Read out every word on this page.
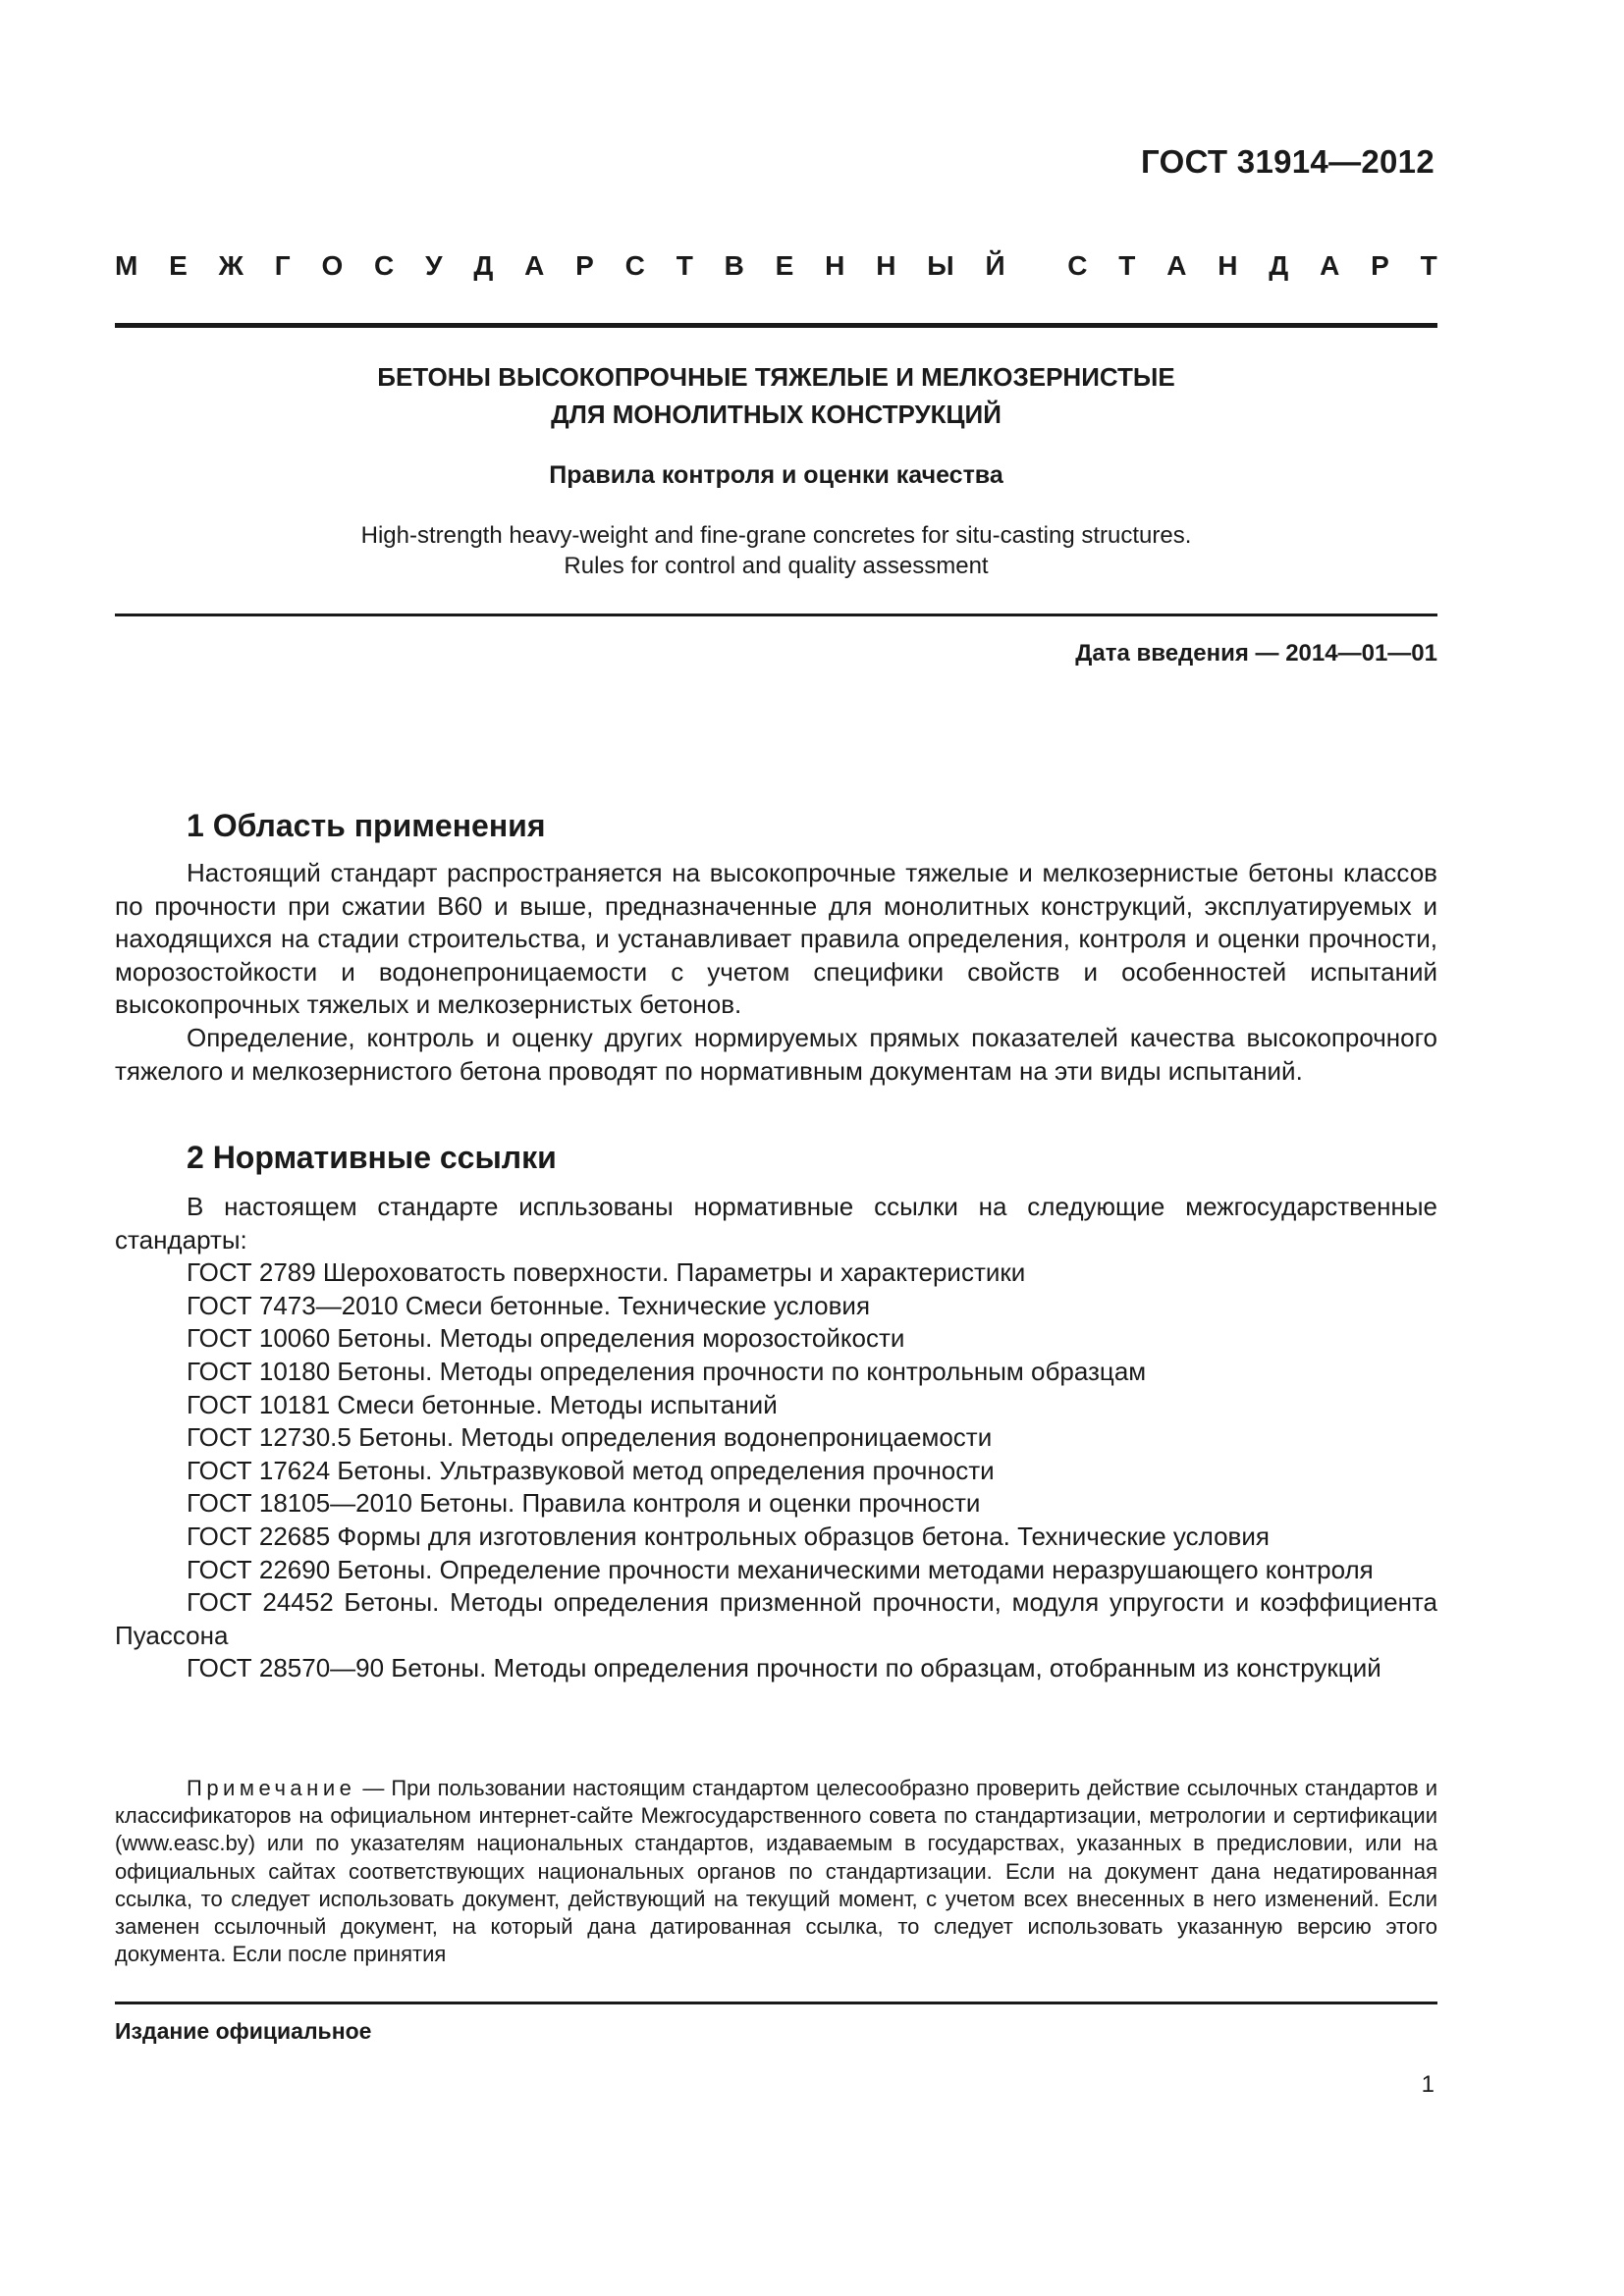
ГОСТ 31914—2012
М Е Ж Г О С У Д А Р С Т В Е Н Н Ы Й С Т А Н Д А Р Т
БЕТОНЫ ВЫСОКОПРОЧНЫЕ ТЯЖЕЛЫЕ И МЕЛКОЗЕРНИСТЫЕ
ДЛЯ МОНОЛИТНЫХ КОНСТРУКЦИЙ
Правила контроля и оценки качества
High-strength heavy-weight and fine-grane concretes for situ-casting structures.
Rules for control and quality assessment
Дата введения — 2014—01—01
1 Область применения

Настоящий стандарт распространяется на высокопрочные тяжелые и мелкозернистые бетоны классов по прочности при сжатии В60 и выше, предназначенные для монолитных конструкций, эксплуатируемых и находящихся на стадии строительства, и устанавливает правила определения, контроля и оценки прочности, морозостойкости и водонепроницаемости с учетом специфики свойств и особенностей испытаний высокопрочных тяжелых и мелкозернистых бетонов.

Определение, контроль и оценку других нормируемых прямых показателей качества высокопрочного тяжелого и мелкозернистого бетона проводят по нормативным документам на эти виды испытаний.

2 Нормативные ссылки

В настоящем стандарте испльзованы нормативные ссылки на следующие межгосударственные стандарты:

ГОСТ 2789 Шероховатость поверхности. Параметры и характеристики

ГОСТ 7473—2010 Смеси бетонные. Технические условия

ГОСТ 10060 Бетоны. Методы определения морозостойкости

ГОСТ 10180 Бетоны. Методы определения прочности по контрольным образцам

ГОСТ 10181 Смеси бетонные. Методы испытаний

ГОСТ 12730.5 Бетоны. Методы определения водонепроницаемости

ГОСТ 17624 Бетоны. Ультразвуковой метод определения прочности

ГОСТ 18105—2010 Бетоны. Правила контроля и оценки прочности

ГОСТ 22685 Формы для изготовления контрольных образцов бетона. Технические условия

ГОСТ 22690 Бетоны. Определение прочности механическими методами неразрушающего контроля

ГОСТ 24452 Бетоны. Методы определения призменной прочности, модуля упругости и коэффициента Пуассона

ГОСТ 28570—90 Бетоны. Методы определения прочности по образцам, отобранным из конструкций

Примечание — При пользовании настоящим стандартом целесообразно проверить действие ссылочных стандартов и классификаторов на официальном интернет-сайте Межгосударственного совета по стандартизации, метрологии и сертификации (www.easc.by) или по указателям национальных стандартов, издаваемым в государствах, указанных в предисловии, или на официальных сайтах соответствующих национальных органов по стандартизации. Если на документ дана недатированная ссылка, то следует использовать документ, действующий на текущий момент, с учетом всех внесенных в него изменений. Если заменен ссылочный документ, на который дана датированная ссылка, то следует использовать указанную версию этого документа. Если после принятия

Издание официальное
1
